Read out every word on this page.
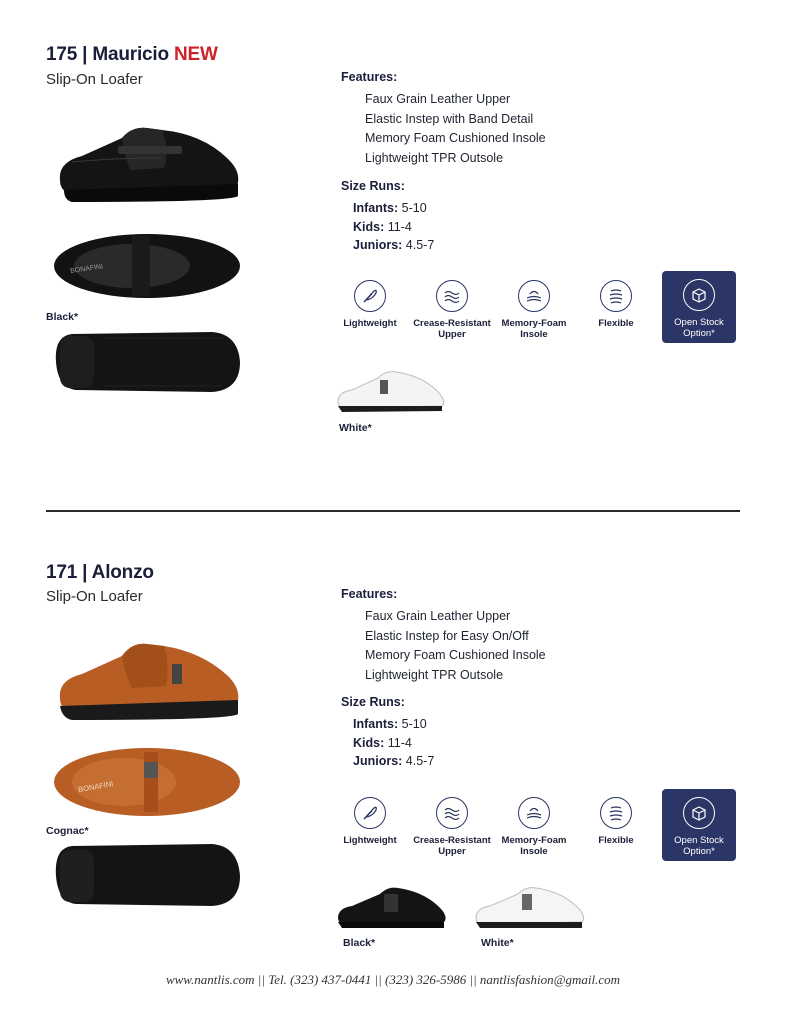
175 | Mauricio NEW
Slip-On Loafer
BONAFINI
Black*
Features:
Faux Grain Leather Upper
Elastic Instep with Band Detail
Memory Foam Cushioned Insole
Lightweight TPR Outsole
Size Runs:
Infants: 5-10
Kids: 11-4
Juniors: 4.5-7
Lightweight	Crease-Resistant
Upper
Memory-Foam
Insole
Flexible	Open Stock
Option*
White*
171 | Alonzo
Slip-On Loafer
BONAFINI
Cognac*
Features:
Faux Grain Leather Upper
Elastic Instep for Easy On/Off
Memory Foam Cushioned Insole
Lightweight TPR Outsole
Size Runs:
Infants: 5-10
Kids: 11-4
Juniors: 4.5-7
Lightweight	Crease-Resistant
Upper
Memory-Foam
Insole
Flexible	Open Stock
Option*
Black*	White*
www.nantlis.com || Tel. (323) 437-0441 || (323) 326-5986 || nantlisfashion@gmail.com
